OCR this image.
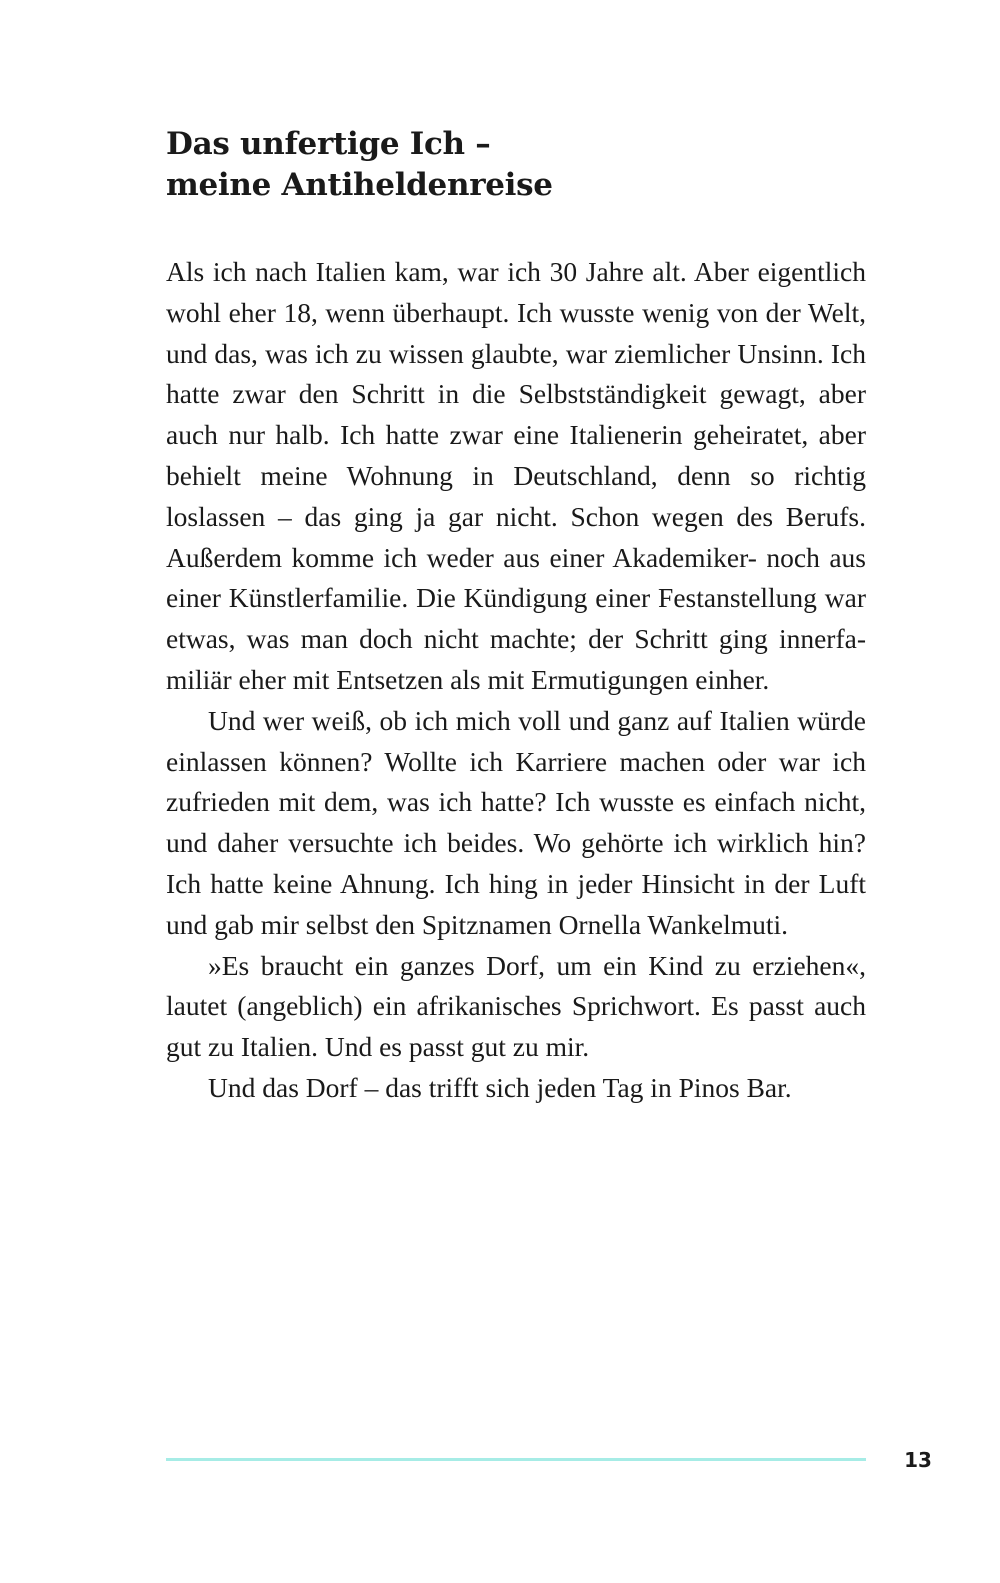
Das unfertige Ich –
meine Antiheldenreise

Als ich nach Italien kam, war ich 30 Jahre alt. Aber eigentlich wohl eher 18, wenn überhaupt. Ich wusste wenig von der Welt, und das, was ich zu wissen glaubte, war ziemlicher Unsinn. Ich hatte zwar den Schritt in die Selbstständigkeit gewagt, aber auch nur halb. Ich hatte zwar eine Italienerin geheiratet, aber behielt meine Wohnung in Deutschland, denn so richtig loslassen – das ging ja gar nicht. Schon wegen des Berufs. Außerdem komme ich weder aus einer Akademiker- noch aus einer Künstlerfamilie. Die Kündigung einer Festanstellung war etwas, was man doch nicht machte; der Schritt ging innerfamiliär eher mit Entsetzen als mit Ermutigungen einher.

Und wer weiß, ob ich mich voll und ganz auf Italien würde einlassen können? Wollte ich Karriere machen oder war ich zufrieden mit dem, was ich hatte? Ich wusste es einfach nicht, und daher versuchte ich beides. Wo gehörte ich wirklich hin? Ich hatte keine Ahnung. Ich hing in jeder Hinsicht in der Luft und gab mir selbst den Spitznamen Ornella Wankelmuti.

»Es braucht ein ganzes Dorf, um ein Kind zu erziehen«, lautet (angeblich) ein afrikanisches Sprichwort. Es passt auch gut zu Italien. Und es passt gut zu mir.

Und das Dorf – das trifft sich jeden Tag in Pinos Bar.

13
